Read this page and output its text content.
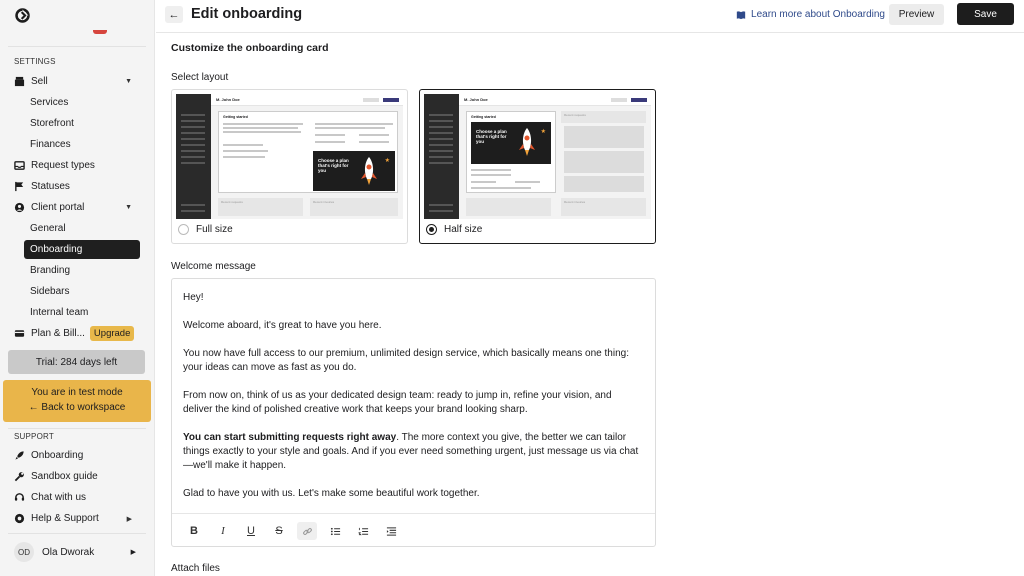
SETTINGS
Sell	▼
Services
Storefront
Finances
Request types
Statuses
Client portal	▼
General
Onboarding
Branding
Sidebars
Internal team
Plan & Bill... Upgrade
Trial: 284 days left
You are in test mode
← Back to workspace
SUPPORT
Onboarding
Sandbox guide
Chat with us
Help & Support	▶
OD	Ola Dworak	▶
← Edit onboarding	Learn more about Onboarding	Preview	Save
Customize the onboarding card
Select layout
M. John Doe
Getting started
Choose a plan that's right for you
★
Recent requests	Recent invoices
Full size
M. John Doe
Getting started
Choose a plan that's right for you
★
Recent requests
Recent invoices
Half size
Welcome message

Hey!

Welcome aboard, it's great to have you here.

You now have full access to our premium, unlimited design service, which basically means one thing: your ideas can move as fast as you do.

From now on, think of us as your dedicated design team: ready to jump in, refine your vision, and deliver the kind of polished creative work that keeps your brand looking sharp.

You can start submitting requests right away. The more context you give, the better we can tailor things exactly to your style and goals. And if you ever need something urgent, just message us via chat—we'll make it happen.

Glad to have you with us. Let's make some beautiful work together.

B	I	U	S
Attach files
